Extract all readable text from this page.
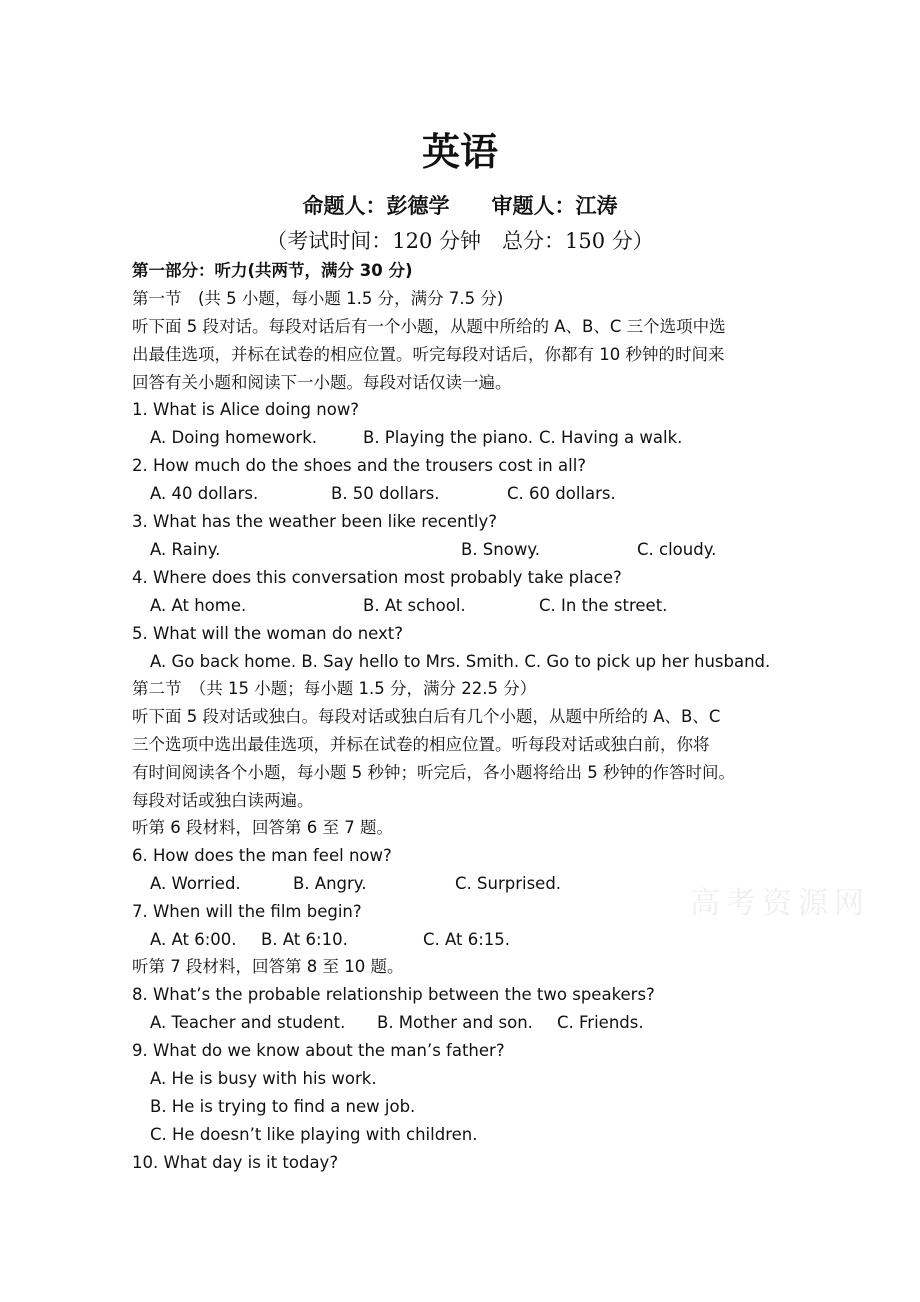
英语
命题人：彭德学　　审题人：江涛
（考试时间：120 分钟　总分：150 分）
第一部分：听力(共两节，满分 30 分)
第一节　(共 5 小题，每小题 1.5 分，满分 7.5 分)
听下面 5 段对话。每段对话后有一个小题，从题中所给的 A、B、C 三个选项中选
出最佳选项，并标在试卷的相应位置。听完每段对话后，你都有 10 秒钟的时间来
回答有关小题和阅读下一小题。每段对话仅读一遍。
1. What is Alice doing now?
A. Doing homework.	B. Playing the piano. C. Having a walk.
2. How much do the shoes and the trousers cost in all?
A. 40 dollars.	B. 50 dollars.	C. 60 dollars.
3. What has the weather been like recently?
A. Rainy.	B. Snowy.	C. cloudy.
4. Where does this conversation most probably take place?
A. At home.	B. At school.	C. In the street.
5. What will the woman do next?
A. Go back home. B. Say hello to Mrs. Smith. C. Go to pick up her husband.
第二节　（共 15 小题；每小题 1.5 分，满分 22.5 分）
听下面 5 段对话或独白。每段对话或独白后有几个小题，从题中所给的 A、B、C
三个选项中选出最佳选项，并标在试卷的相应位置。听每段对话或独白前，你将
有时间阅读各个小题，每小题 5 秒钟；听完后，各小题将给出 5 秒钟的作答时间。
每段对话或独白读两遍。
听第 6 段材料，回答第 6 至 7 题。
6. How does the man feel now?
A. Worried.	B. Angry.	C. Surprised.
7. When will the film begin?
A. At 6:00. B. At 6:10.	C. At 6:15.
听第 7 段材料，回答第 8 至 10 题。
8. What’s the probable relationship between the two speakers?
A. Teacher and student. B. Mother and son. C. Friends.
9. What do we know about the man’s father?
A. He is busy with his work.
B. He is trying to find a new job.
C. He doesn’t like playing with children.
10. What day is it today?
高考资源网
